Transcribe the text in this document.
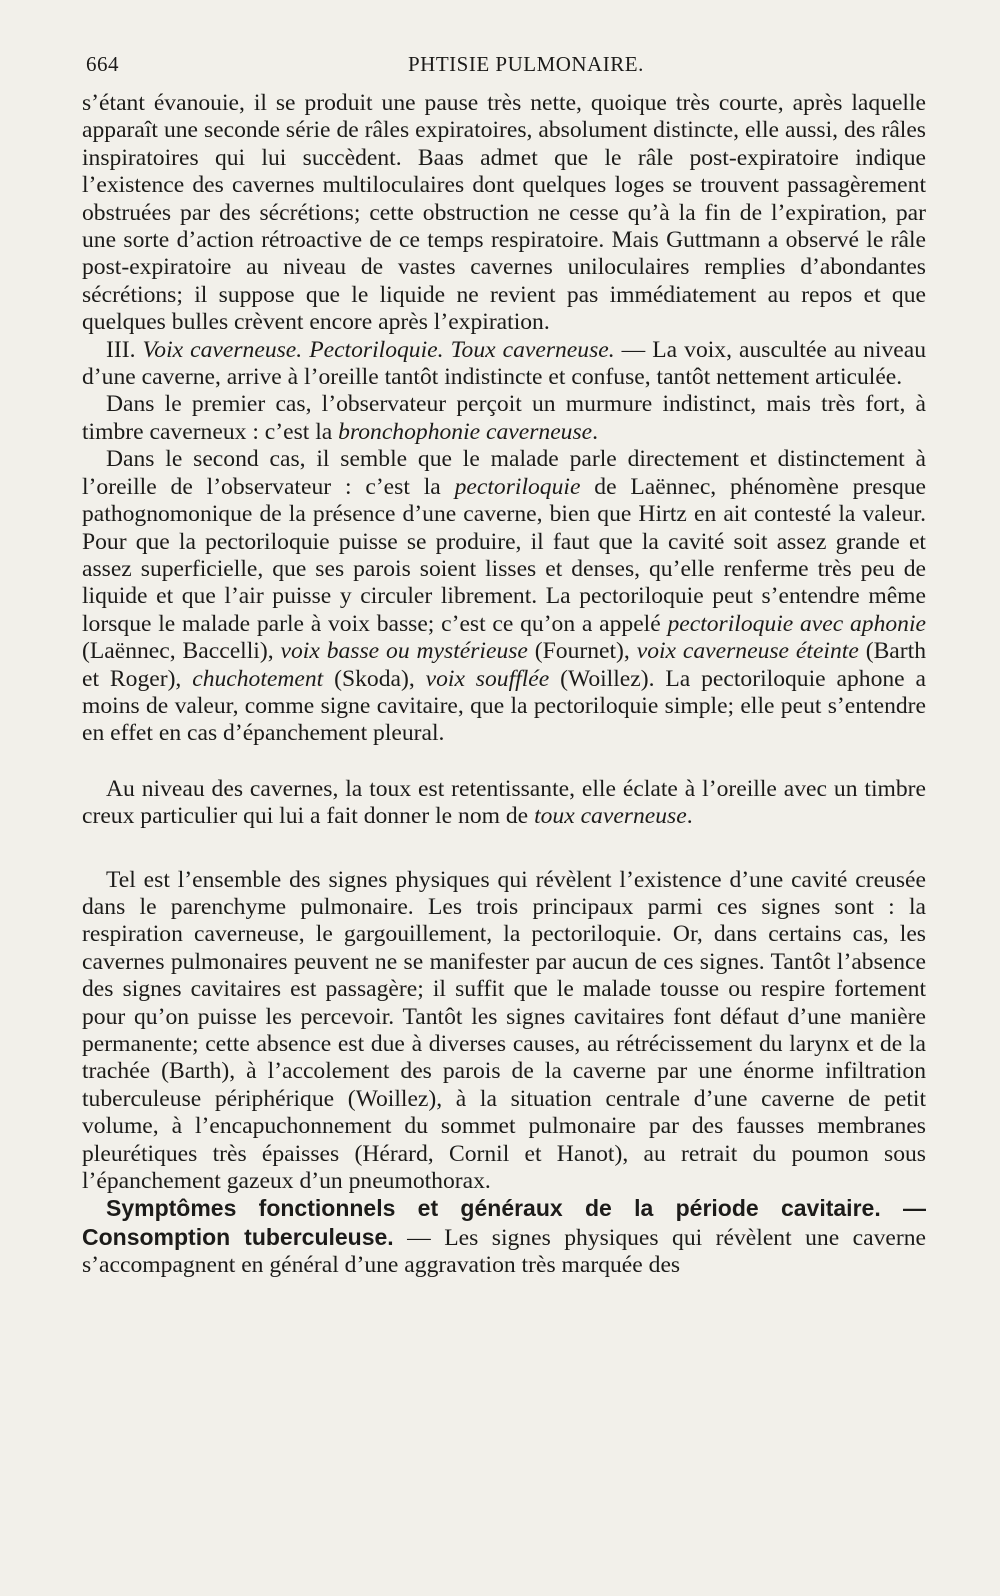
664	PHTISIE PULMONAIRE.

s’étant évanouie, il se produit une pause très nette, quoique très courte, après laquelle apparaît une seconde série de râles expiratoires, absolument distincte, elle aussi, des râles inspiratoires qui lui succèdent. Baas admet que le râle post-expiratoire indique l’existence des cavernes multiloculaires dont quelques loges se trouvent passagèrement obstruées par des sécrétions; cette obstruction ne cesse qu’à la fin de l’expiration, par une sorte d’action rétroactive de ce temps respiratoire. Mais Guttmann a observé le râle post-expiratoire au niveau de vastes cavernes uniloculaires remplies d’abondantes sécrétions; il suppose que le liquide ne revient pas immédiatement au repos et que quelques bulles crèvent encore après l’expiration.

III. Voix caverneuse. Pectoriloquie. Toux caverneuse. — La voix, auscultée au niveau d’une caverne, arrive à l’oreille tantôt indistincte et confuse, tantôt nettement articulée.

Dans le premier cas, l’observateur perçoit un murmure indistinct, mais très fort, à timbre caverneux : c’est la bronchophonie caverneuse.

Dans le second cas, il semble que le malade parle directement et distinctement à l’oreille de l’observateur : c’est la pectoriloquie de Laënnec, phénomène presque pathognomonique de la présence d’une caverne, bien que Hirtz en ait contesté la valeur. Pour que la pectoriloquie puisse se produire, il faut que la cavité soit assez grande et assez superficielle, que ses parois soient lisses et denses, qu’elle renferme très peu de liquide et que l’air puisse y circuler librement. La pectoriloquie peut s’entendre même lorsque le malade parle à voix basse; c’est ce qu’on a appelé pectoriloquie avec aphonie (Laënnec, Baccelli), voix basse ou mystérieuse (Fournet), voix caverneuse éteinte (Barth et Roger), chuchotement (Skoda), voix soufflée (Woillez). La pectoriloquie aphone a moins de valeur, comme signe cavitaire, que la pectoriloquie simple; elle peut s’entendre en effet en cas d’épanchement pleural.

Au niveau des cavernes, la toux est retentissante, elle éclate à l’oreille avec un timbre creux particulier qui lui a fait donner le nom de toux caverneuse.

Tel est l’ensemble des signes physiques qui révèlent l’existence d’une cavité creusée dans le parenchyme pulmonaire. Les trois principaux parmi ces signes sont : la respiration caverneuse, le gargouillement, la pectoriloquie. Or, dans certains cas, les cavernes pulmonaires peuvent ne se manifester par aucun de ces signes. Tantôt l’absence des signes cavitaires est passagère; il suffit que le malade tousse ou respire fortement pour qu’on puisse les percevoir. Tantôt les signes cavitaires font défaut d’une manière permanente; cette absence est due à diverses causes, au rétrécissement du larynx et de la trachée (Barth), à l’accolement des parois de la caverne par une énorme infiltration tuberculeuse périphérique (Woillez), à la situation centrale d’une caverne de petit volume, à l’encapuchonnement du sommet pulmonaire par des fausses membranes pleurétiques très épaisses (Hérard, Cornil et Hanot), au retrait du poumon sous l’épanchement gazeux d’un pneumothorax.

Symptômes fonctionnels et généraux de la période cavitaire. — Consomption tuberculeuse. — Les signes physiques qui révèlent une caverne s’accompagnent en général d’une aggravation très marquée des
